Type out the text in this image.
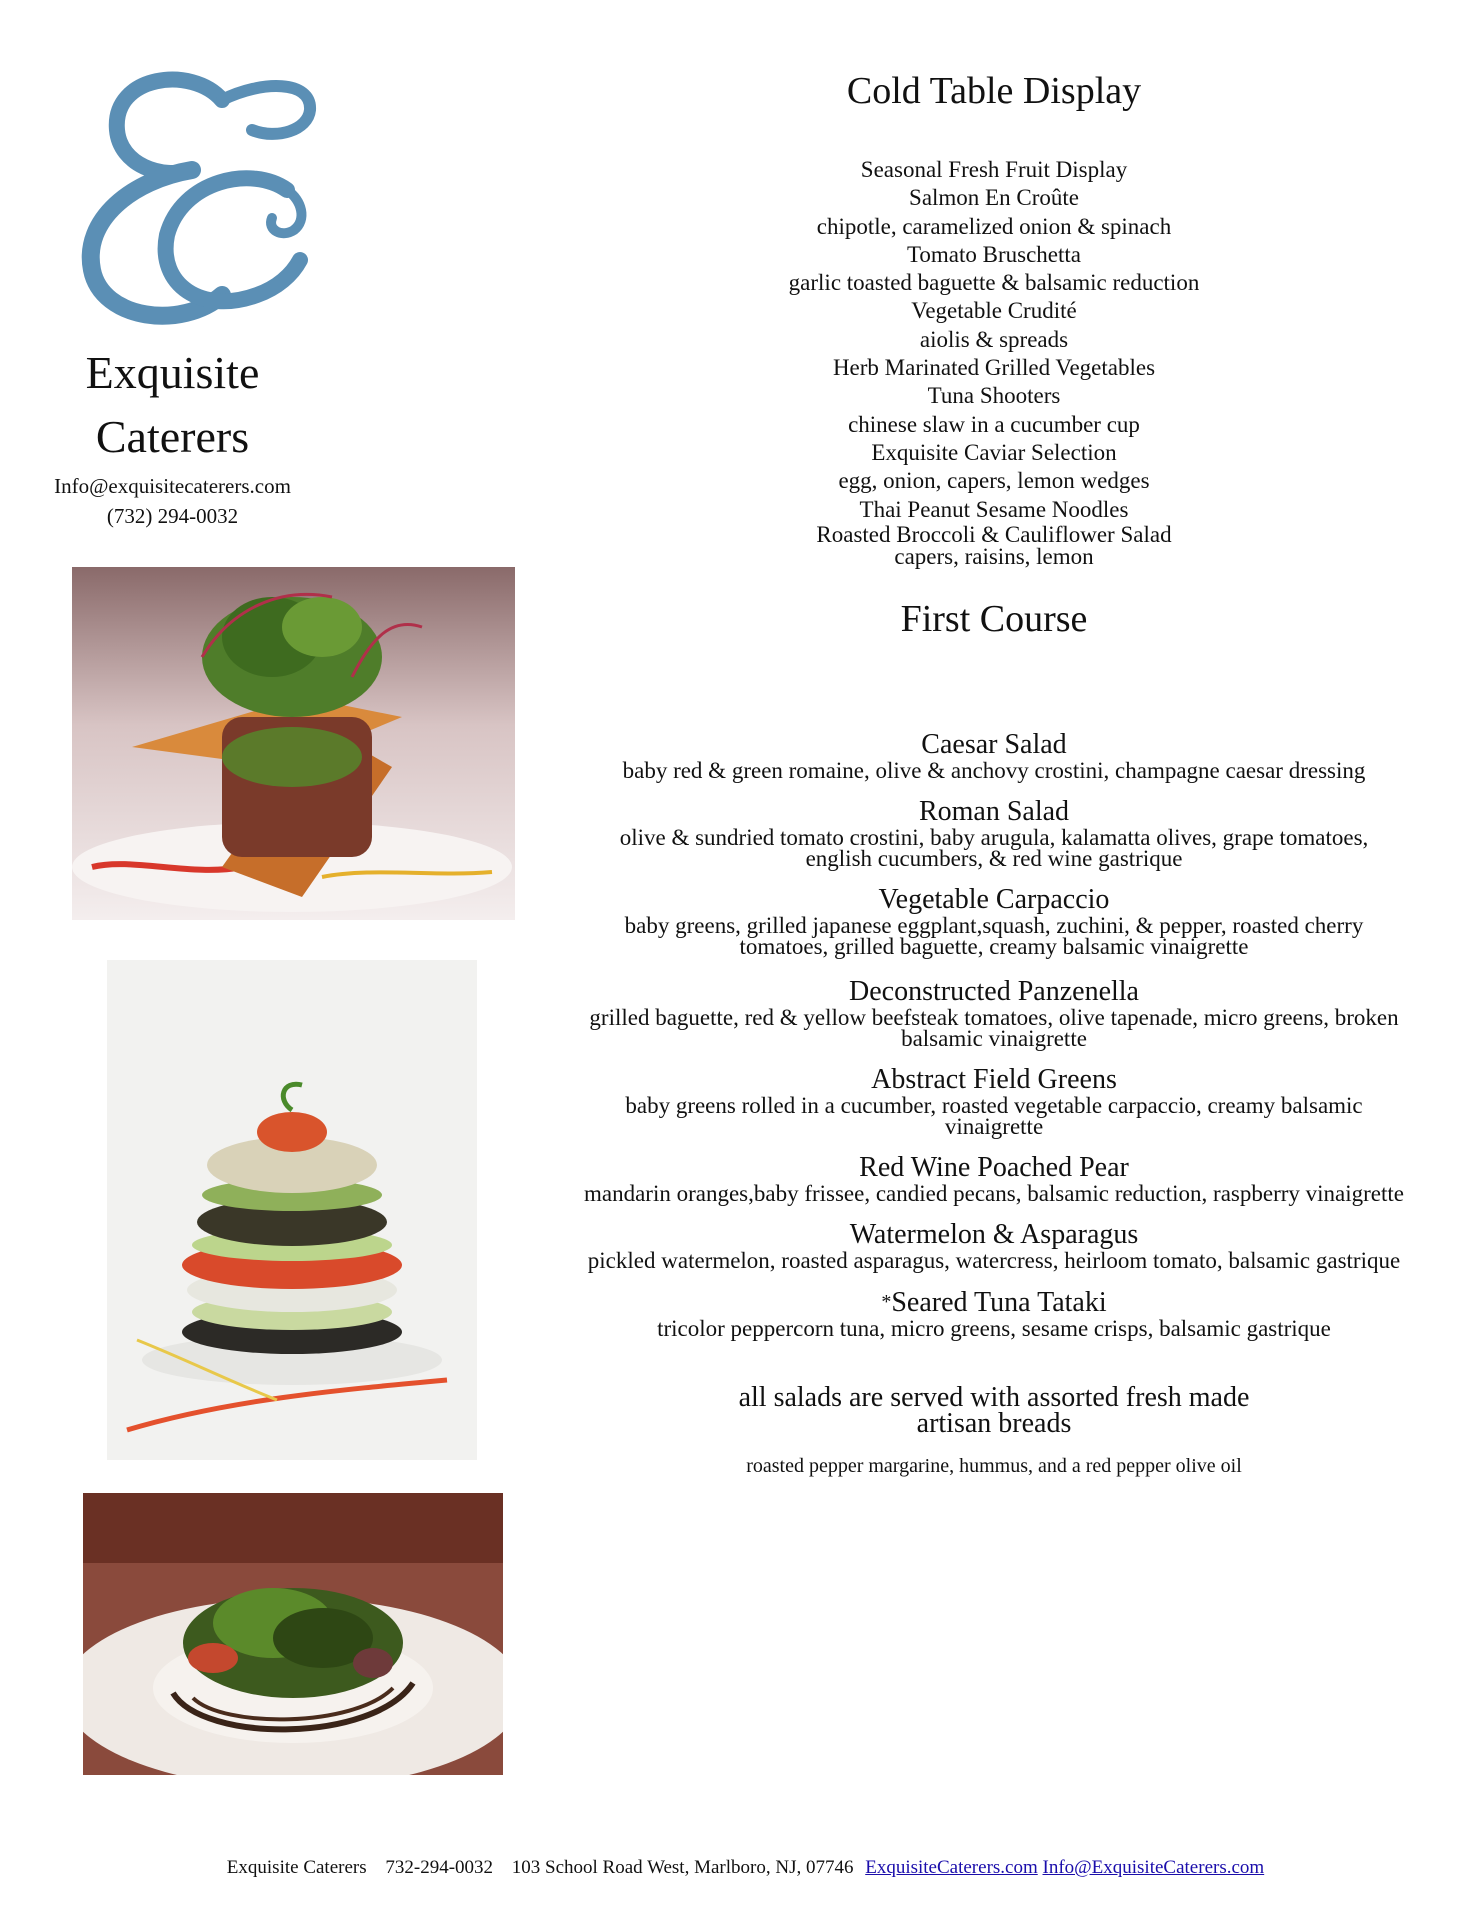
Exquisite
Caterers
Info@exquisitecaterers.com
(732) 294-0032
Cold Table Display
Seasonal Fresh Fruit Display
Salmon En Croûte
chipotle, caramelized onion & spinach
Tomato Bruschetta
garlic toasted baguette & balsamic reduction
Vegetable Crudité
aiolis & spreads
Herb Marinated Grilled Vegetables
Tuna Shooters
chinese slaw in a cucumber cup
Exquisite Caviar Selection
egg, onion, capers, lemon wedges
Thai Peanut Sesame Noodles
Roasted Broccoli & Cauliflower Salad
capers, raisins, lemon
First Course
Caesar Salad
baby red & green romaine, olive & anchovy crostini, champagne caesar dressing
Roman Salad
olive & sundried tomato crostini, baby arugula, kalamatta olives, grape tomatoes, english cucumbers, & red wine gastrique
Vegetable Carpaccio
baby greens, grilled japanese eggplant,squash, zuchini, & pepper, roasted cherry tomatoes, grilled baguette, creamy balsamic vinaigrette
Deconstructed Panzenella
grilled baguette, red & yellow beefsteak tomatoes, olive tapenade, micro greens, broken balsamic vinaigrette
Abstract Field Greens
baby greens rolled in a cucumber, roasted vegetable carpaccio, creamy balsamic vinaigrette
Red Wine Poached Pear
mandarin oranges,baby frissee, candied pecans, balsamic reduction, raspberry vinaigrette
Watermelon & Asparagus
pickled watermelon, roasted asparagus, watercress, heirloom tomato, balsamic gastrique
*Seared Tuna Tataki
tricolor peppercorn tuna, micro greens, sesame crisps, balsamic gastrique
all salads are served with assorted fresh made
artisan breads
roasted pepper margarine, hummus, and a red pepper olive oil
Exquisite Caterers 732-294-0032 103 School Road West, Marlboro, NJ, 07746 ExquisiteCaterers.com Info@ExquisiteCaterers.com
